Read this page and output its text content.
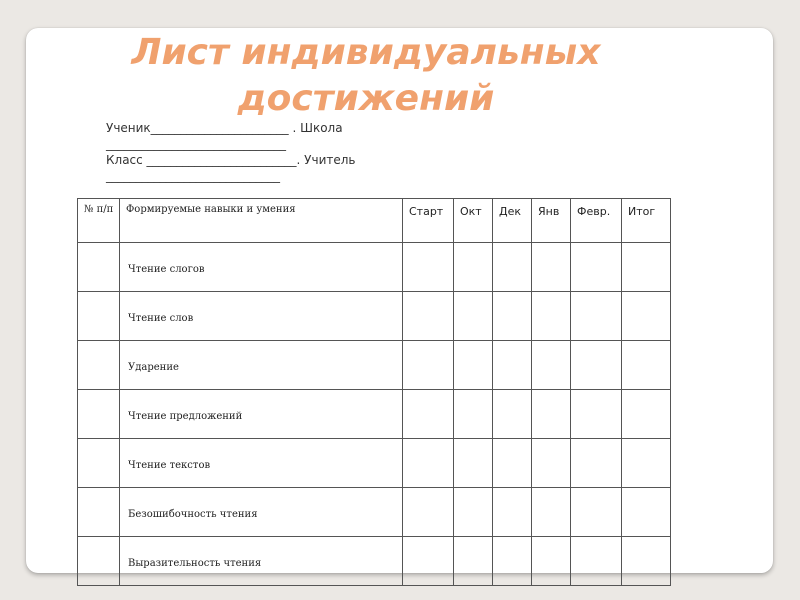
Лист индивидуальных
достижений
Ученик_______________________ . Школа
______________________________
Класс _________________________. Учитель
_____________________________
№ п/п	Формируемые навыки и умения	Старт	Окт	Дек	Янв	Февр.	Итог
	Чтение слогов						
	Чтение слов						
	Ударение						
	Чтение предложений						
	Чтение текстов						
	Безошибочность чтения						
	Выразительность чтения						
